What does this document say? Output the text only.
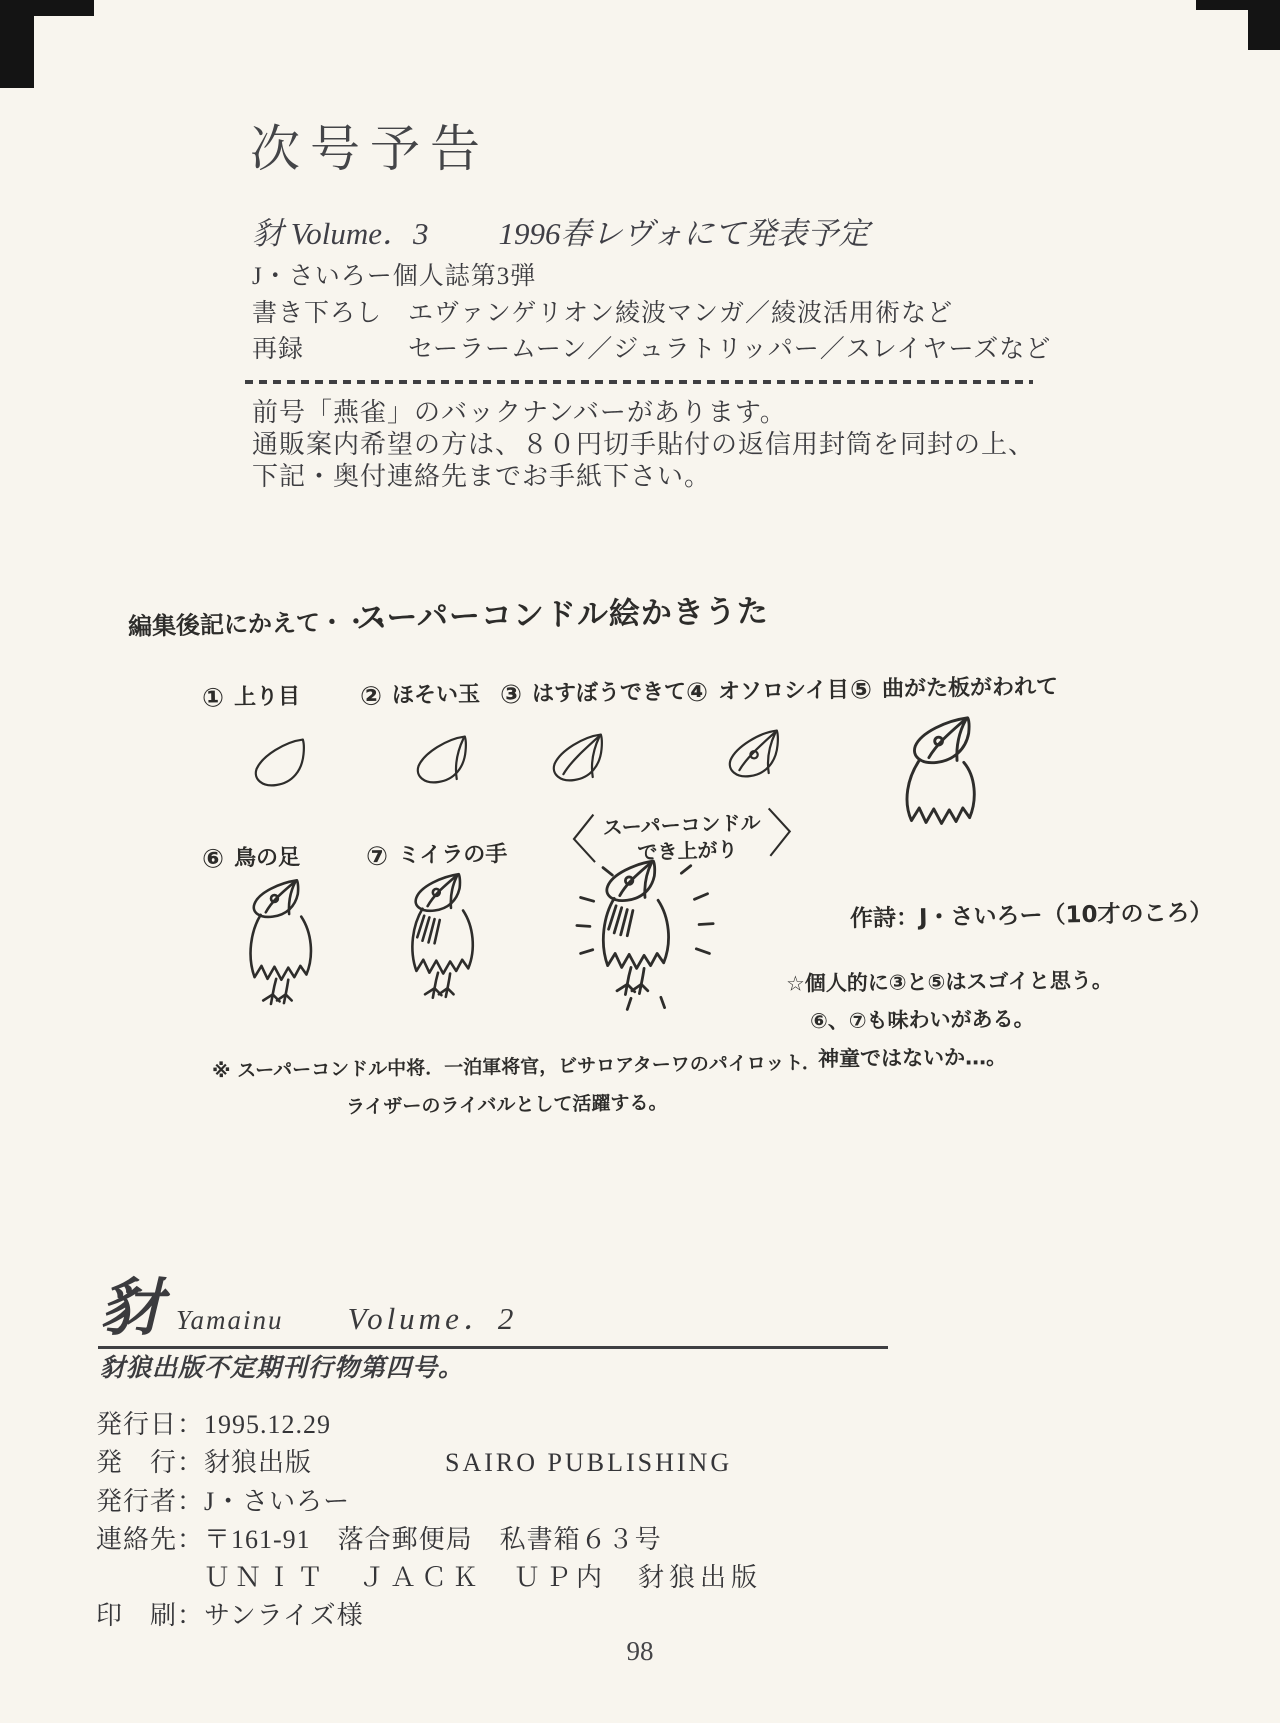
次号予告
豺 Volume．3 1996春レヴォにて発表予定
J・さいろー個人誌第3弾
書き下ろし　エヴァンゲリオン綾波マンガ／綾波活用術など
再録　　　　セーラームーン／ジュラトリッパー／スレイヤーズなど
前号「燕雀」のバックナンバーがあります。
通販案内希望の方は、８０円切手貼付の返信用封筒を同封の上、
下記・奥付連絡先までお手紙下さい。
編集後記にかえて・・・
スーパーコンドル絵かきうた
① 上り目 ② ほそい玉 ③ はすぼうできて ④ オソロシイ目 ⑤ 曲がた板がわれて
⑥ 鳥の足	⑦ ミイラの手 〈 スーパーコンドル
でき上がり 〉
作詩：J・さいろー（10才のころ）
☆個人的に③と⑤はスゴイと思う。
⑥、⑦も味わいがある。
神童ではないか…。
※ スーパーコンドル中将．一泊軍将官，ビサロアターワのパイロット．
ライザーのライバルとして活躍する。
豺 Yamainu Volume．2
豺狼出版不定期刊行物第四号。
発行日：1995.12.29
発　行：豺狼出版	SAIRO PUBLISHING
発行者：J・さいろー
連絡先：〒161-91　落合郵便局　私書箱６３号
ＵＮＩＴ　ＪＡＣＫ　ＵＰ内　豺狼出版
印　刷：サンライズ様
98
